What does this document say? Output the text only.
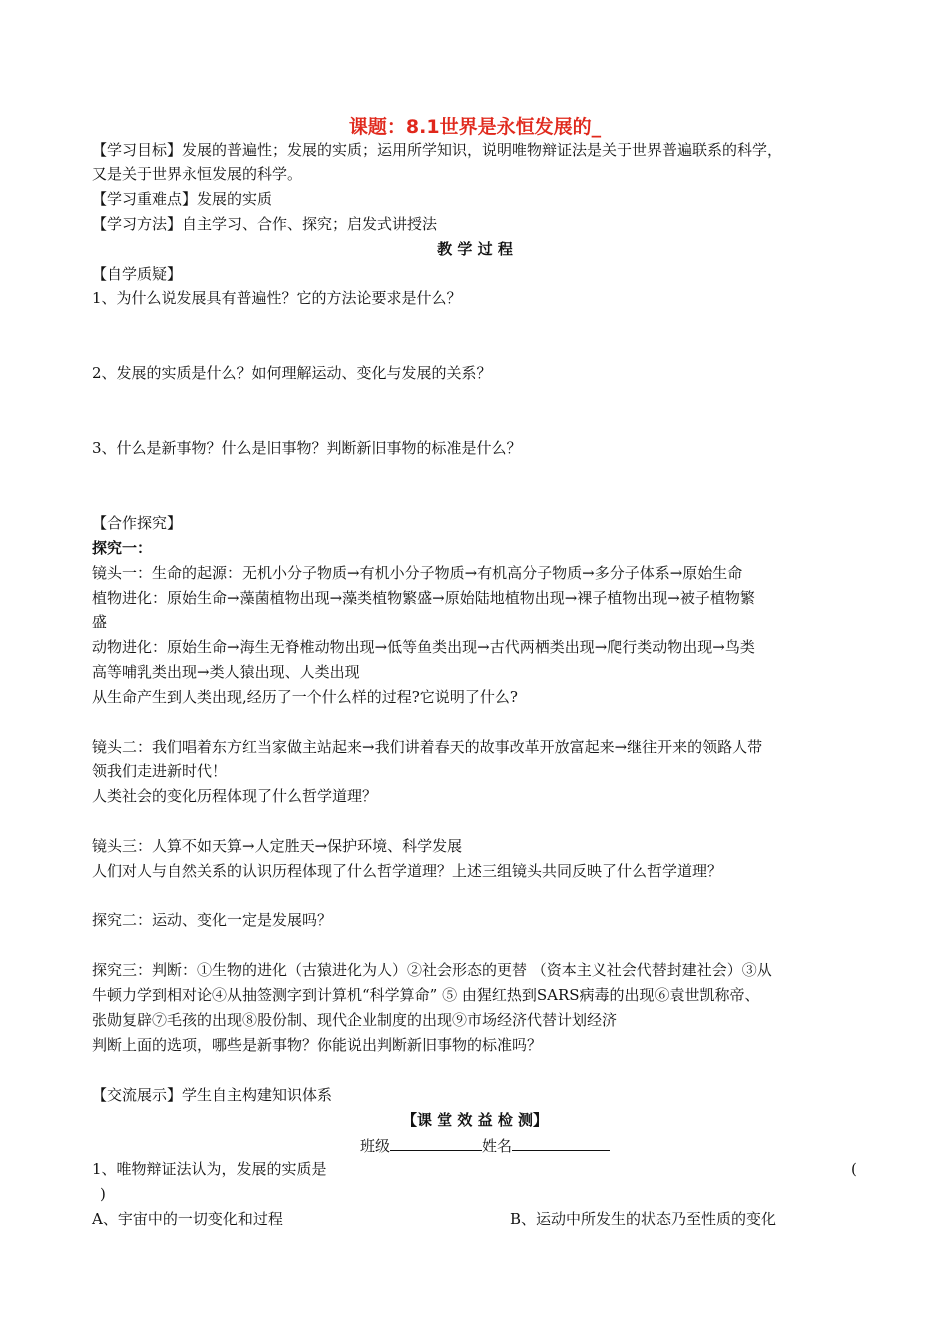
课题：8.1世界是永恒发展的_
【学习目标】发展的普遍性；发展的实质；运用所学知识，说明唯物辩证法是关于世界普遍联系的科学，
又是关于世界永恒发展的科学。
【学习重难点】发展的实质
【学习方法】自主学习、合作、探究；启发式讲授法
教 学 过 程
【自学质疑】
1、为什么说发展具有普遍性？它的方法论要求是什么？
2、发展的实质是什么？如何理解运动、变化与发展的关系？
3、什么是新事物？什么是旧事物？判断新旧事物的标准是什么？
【合作探究】
探究一：
镜头一：生命的起源：无机小分子物质→有机小分子物质→有机高分子物质→多分子体系→原始生命
植物进化：原始生命→藻菌植物出现→藻类植物繁盛→原始陆地植物出现→裸子植物出现→被子植物繁
盛
动物进化：原始生命→海生无脊椎动物出现→低等鱼类出现→古代两栖类出现→爬行类动物出现→鸟类
高等哺乳类出现→类人猿出现、人类出现
从生命产生到人类出现,经历了一个什么样的过程?它说明了什么?
镜头二：我们唱着东方红当家做主站起来→我们讲着春天的故事改革开放富起来→继往开来的领路人带
领我们走进新时代！
人类社会的变化历程体现了什么哲学道理？
镜头三：人算不如天算→人定胜天→保护环境、科学发展
人们对人与自然关系的认识历程体现了什么哲学道理？上述三组镜头共同反映了什么哲学道理？
探究二：运动、变化一定是发展吗？
探究三：判断：①生物的进化（古猿进化为人）②社会形态的更替 （资本主义社会代替封建社会）③从
牛顿力学到相对论④从抽签测字到计算机“科学算命” ⑤ 由猩红热到SARS病毒的出现⑥袁世凯称帝、
张勋复辟⑦毛孩的出现⑧股份制、现代企业制度的出现⑨市场经济代替计划经济
判断上面的选项，哪些是新事物？你能说出判断新旧事物的标准吗？
【交流展示】学生自主构建知识体系
【课 堂 效 益 检 测】
班级	姓名
1、唯物辩证法认为，发展的实质是	(
)
A、宇宙中的一切变化和过程	B、运动中所发生的状态乃至性质的变化
